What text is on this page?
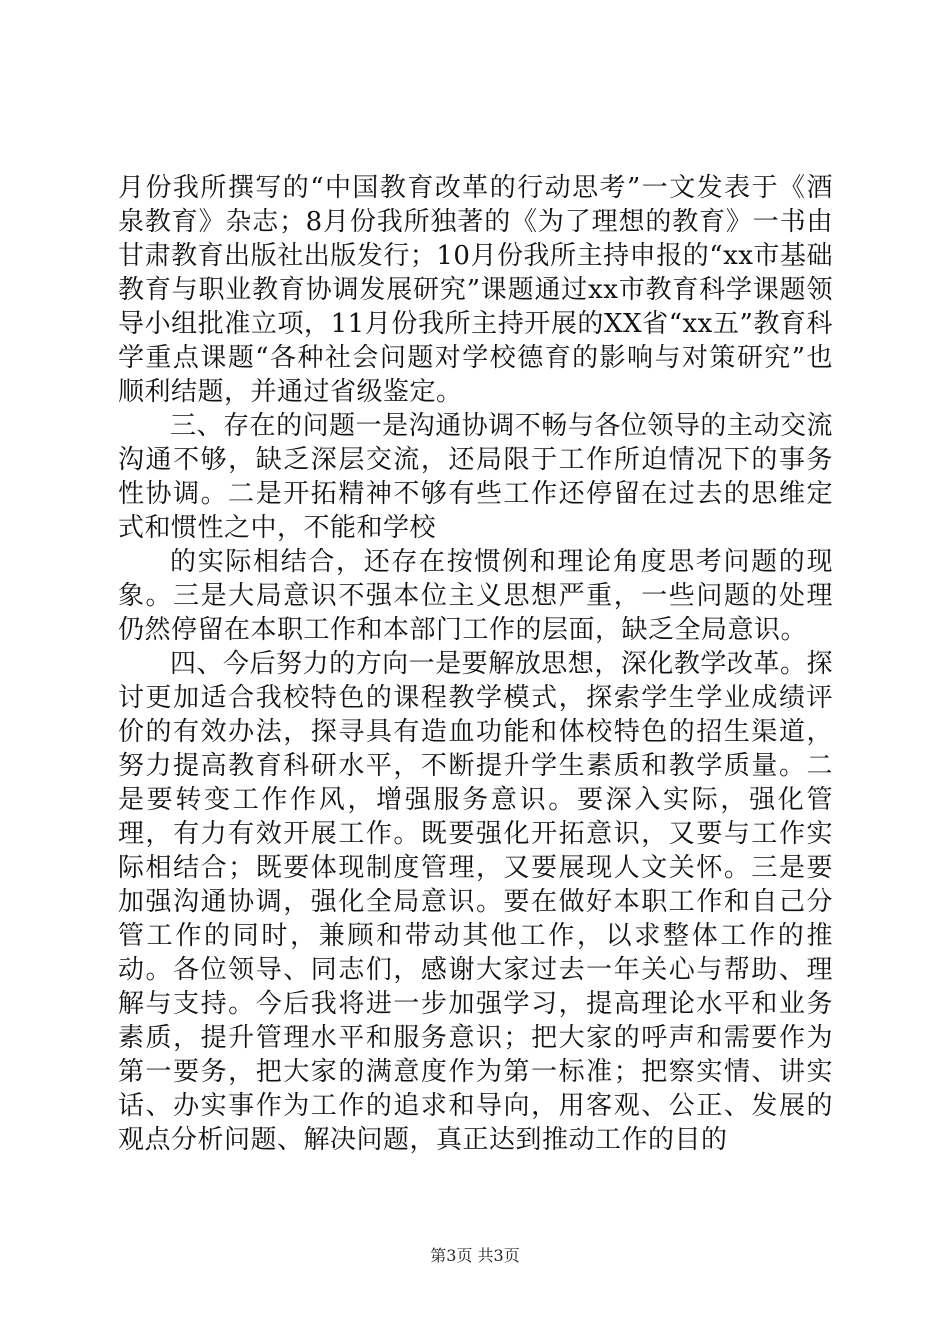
月份我所撰写的“中国教育改革的行动思考”一文发表于《酒泉教育》杂志；8月份我所独著的《为了理想的教育》一书由甘肃教育出版社出版发行；10月份我所主持申报的“xx市基础教育与职业教育协调发展研究”课题通过xx市教育科学课题领导小组批准立项，11月份我所主持开展的XX省“xx五”教育科学重点课题“各种社会问题对学校德育的影响与对策研究”也顺利结题，并通过省级鉴定。

三、存在的问题一是沟通协调不畅与各位领导的主动交流沟通不够，缺乏深层交流，还局限于工作所迫情况下的事务性协调。二是开拓精神不够有些工作还停留在过去的思维定式和惯性之中，不能和学校

的实际相结合，还存在按惯例和理论角度思考问题的现象。三是大局意识不强本位主义思想严重，一些问题的处理仍然停留在本职工作和本部门工作的层面，缺乏全局意识。

四、今后努力的方向一是要解放思想，深化教学改革。探讨更加适合我校特色的课程教学模式，探索学生学业成绩评价的有效办法，探寻具有造血功能和体校特色的招生渠道，努力提高教育科研水平，不断提升学生素质和教学质量。二是要转变工作作风，增强服务意识。要深入实际，强化管理，有力有效开展工作。既要强化开拓意识，又要与工作实际相结合；既要体现制度管理，又要展现人文关怀。三是要加强沟通协调，强化全局意识。要在做好本职工作和自己分管工作的同时，兼顾和带动其他工作，以求整体工作的推动。各位领导、同志们，感谢大家过去一年关心与帮助、理解与支持。今后我将进一步加强学习，提高理论水平和业务素质，提升管理水平和服务意识；把大家的呼声和需要作为第一要务，把大家的满意度作为第一标准；把察实情、讲实话、办实事作为工作的追求和导向，用客观、公正、发展的观点分析问题、解决问题，真正达到推动工作的目的

第3页 共3页
